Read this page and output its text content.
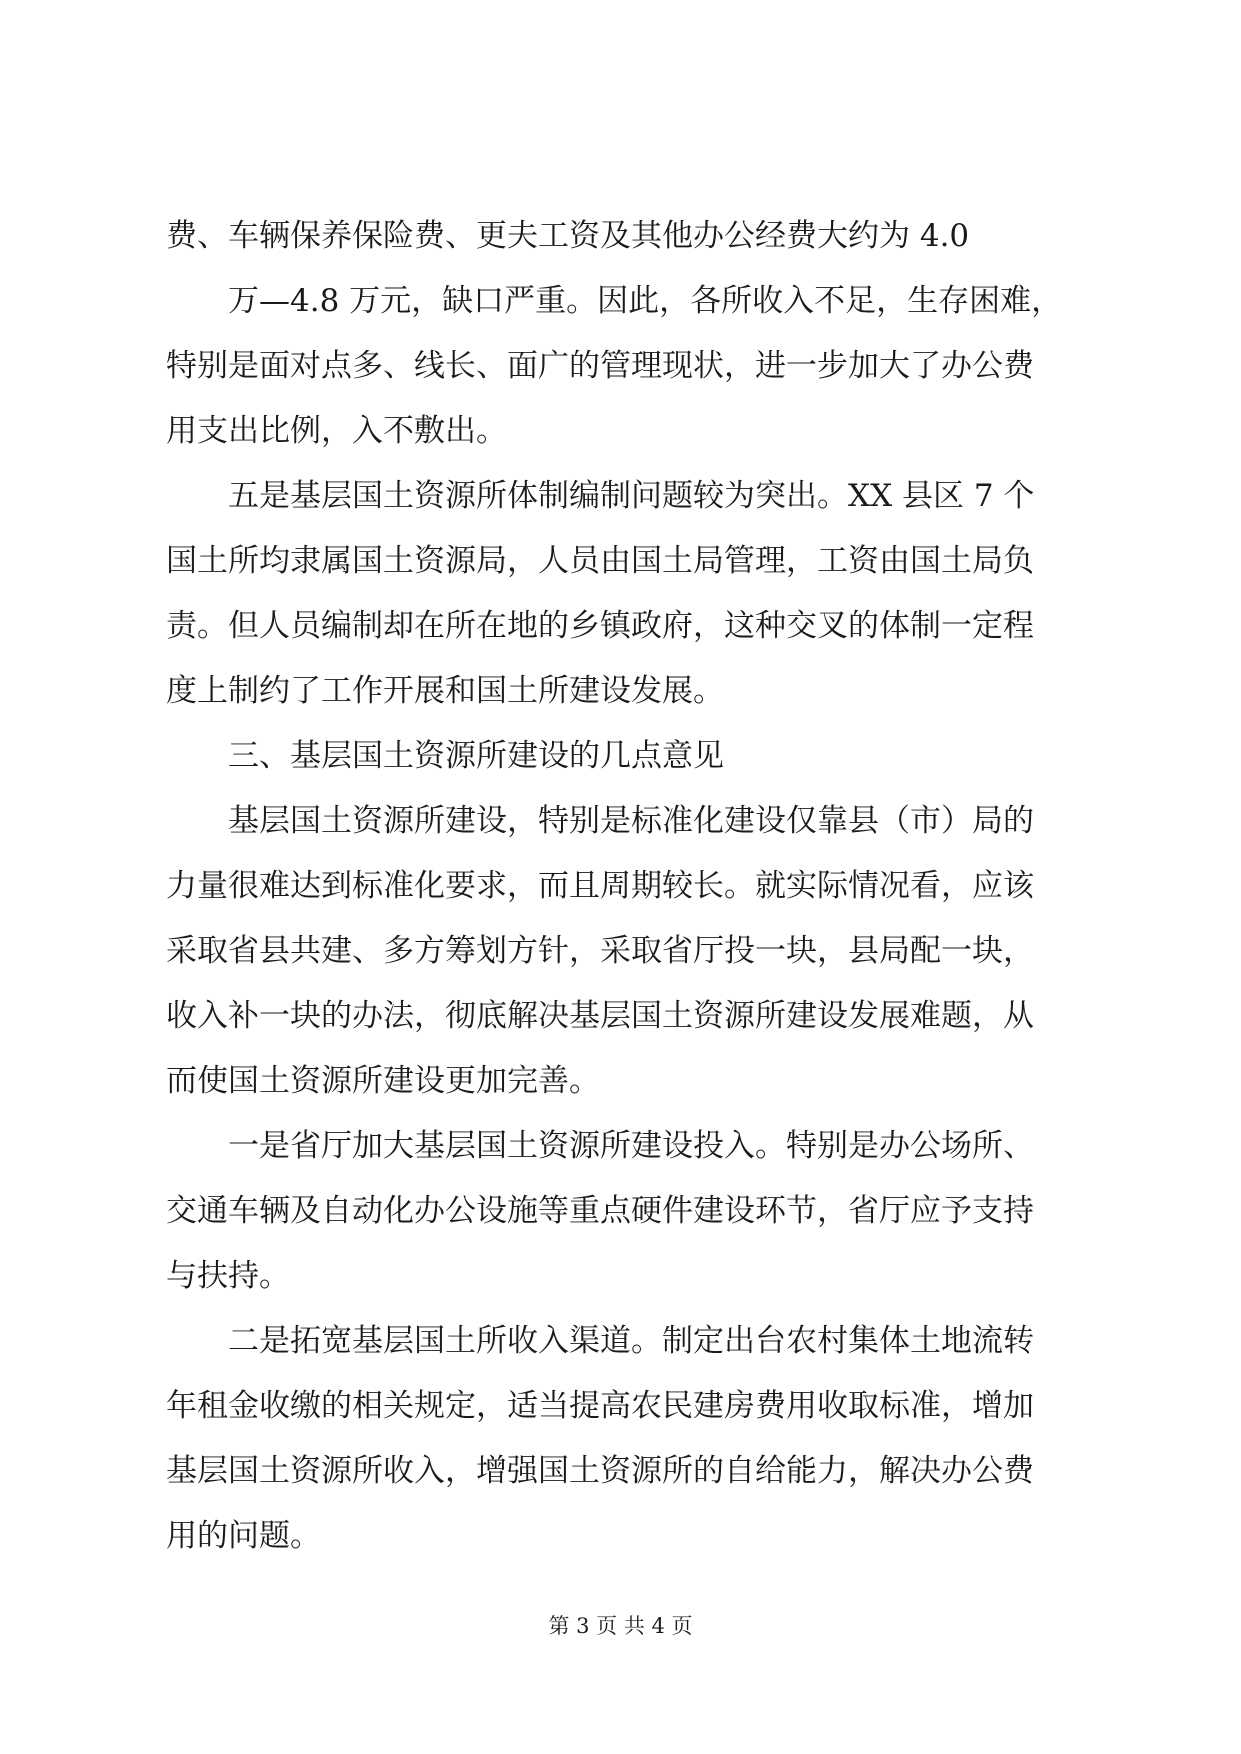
费、车辆保养保险费、更夫工资及其他办公经费大约为 4.0
　　万—4.8 万元，缺口严重。因此，各所收入不足，生存困难，
特别是面对点多、线长、面广的管理现状，进一步加大了办公费
用支出比例，入不敷出。
　　五是基层国土资源所体制编制问题较为突出。XX 县区 7 个
国土所均隶属国土资源局，人员由国土局管理，工资由国土局负
责。但人员编制却在所在地的乡镇政府，这种交叉的体制一定程
度上制约了工作开展和国土所建设发展。
　　三、基层国土资源所建设的几点意见
　　基层国土资源所建设，特别是标准化建设仅靠县（市）局的
力量很难达到标准化要求，而且周期较长。就实际情况看，应该
采取省县共建、多方筹划方针，采取省厅投一块，县局配一块，
收入补一块的办法，彻底解决基层国土资源所建设发展难题，从
而使国土资源所建设更加完善。
　　一是省厅加大基层国土资源所建设投入。特别是办公场所、
交通车辆及自动化办公设施等重点硬件建设环节，省厅应予支持
与扶持。
　　二是拓宽基层国土所收入渠道。制定出台农村集体土地流转
年租金收缴的相关规定，适当提高农民建房费用收取标准，增加
基层国土资源所收入，增强国土资源所的自给能力，解决办公费
用的问题。
第 3 页 共 4 页
